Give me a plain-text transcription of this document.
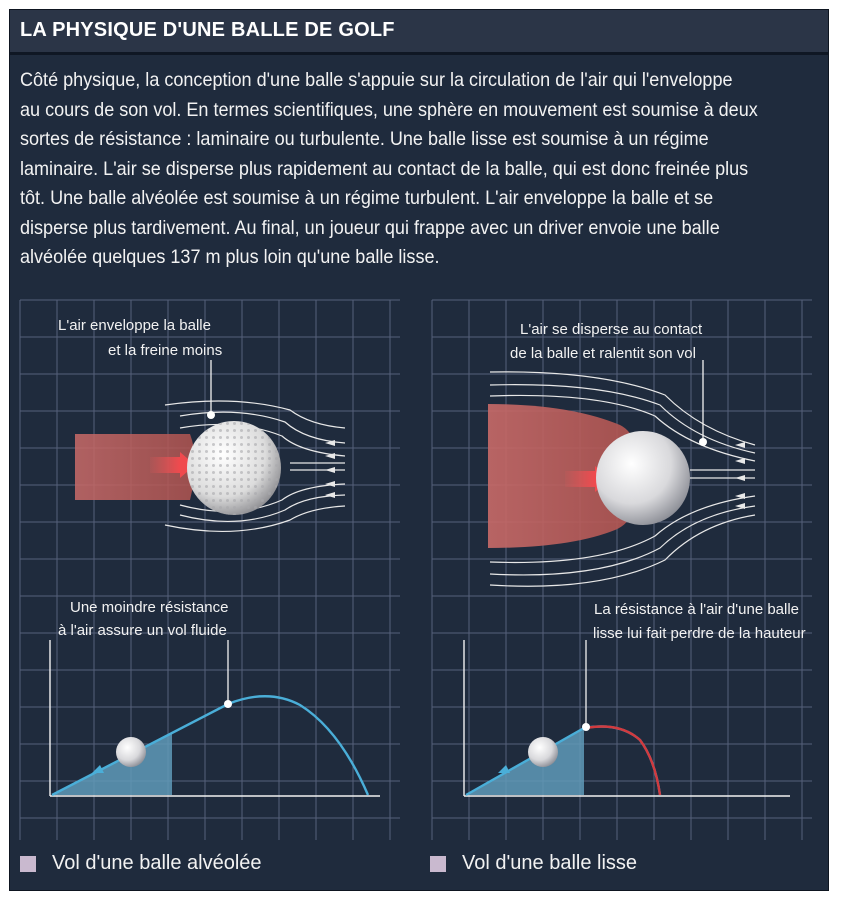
LA PHYSIQUE D'UNE BALLE DE GOLF
Côté physique, la conception d'une balle s'appuie sur la circulation de l'air qui l'enveloppe
au cours de son vol. En termes scientifiques, une sphère en mouvement est soumise à deux
sortes de résistance : laminaire ou turbulente. Une balle lisse est soumise à un régime
laminaire. L'air se disperse plus rapidement au contact de la balle, qui est donc freinée plus
tôt. Une balle alvéolée est soumise à un régime turbulent. L'air enveloppe la balle et se
disperse plus tardivement. Au final, un joueur qui frappe avec un driver envoie une balle
alvéolée quelques 137 m plus loin qu'une balle lisse.
L'air enveloppe la balle
et la freine moins
L'air se disperse au contact
de la balle et ralentit son vol
Une moindre résistance
à l'air assure un vol fluide
La résistance à l'air d'une balle
lisse lui fait perdre de la hauteur
Vol d'une balle alvéolée	Vol d'une balle lisse
